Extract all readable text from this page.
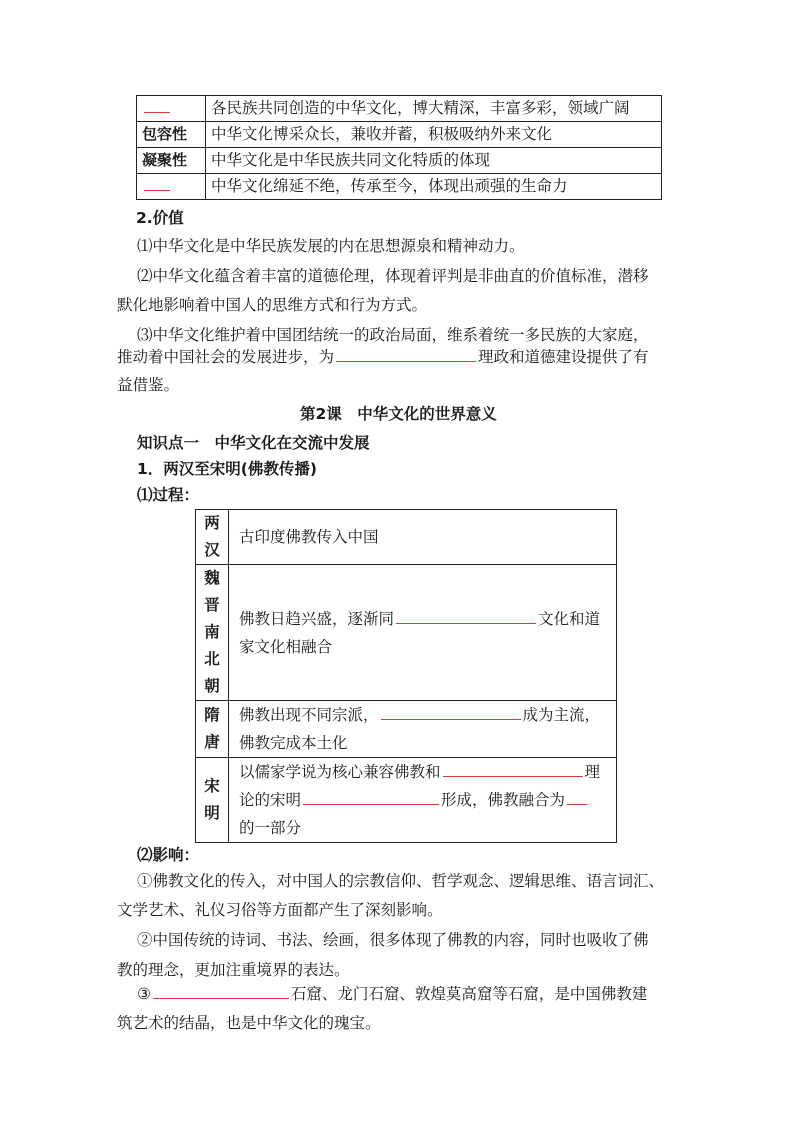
	各民族共同创造的中华文化，博大精深，丰富多彩，领域广阔
包容性	中华文化博采众长，兼收并蓄，积极吸纳外来文化
凝聚性	中华文化是中华民族共同文化特质的体现
	中华文化绵延不绝，传承至今，体现出顽强的生命力
2.价值
⑴中华文化是中华民族发展的内在思想源泉和精神动力。
⑵中华文化蕴含着丰富的道德伦理，体现着评判是非曲直的价值标准，潜移
默化地影响着中国人的思维方式和行为方式。
⑶中华文化维护着中国团结统一的政治局面，维系着统一多民族的大家庭，
推动着中国社会的发展进步，为	理政和道德建设提供了有
益借鉴。
第2课　中华文化的世界意义
知识点一　中华文化在交流中发展
1．两汉至宋明(佛教传播)
⑴过程：
两汉	古印度佛教传入中国

魏晋南北朝	佛教日趋兴盛，逐渐同 文化和道
家文化相融合

隋唐	佛教出现不同宗派， 成为主流，
佛教完成本土化

宋明	以儒家学说为核心兼容佛教和 理
论的宋明 形成，佛教融合为
的一部分
⑵影响：
①佛教文化的传入，对中国人的宗教信仰、哲学观念、逻辑思维、语言词汇、
文学艺术、礼仪习俗等方面都产生了深刻影响。
②中国传统的诗词、书法、绘画，很多体现了佛教的内容，同时也吸收了佛
教的理念，更加注重境界的表达。
③	石窟、龙门石窟、敦煌莫高窟等石窟，是中国佛教建
筑艺术的结晶，也是中华文化的瑰宝。
